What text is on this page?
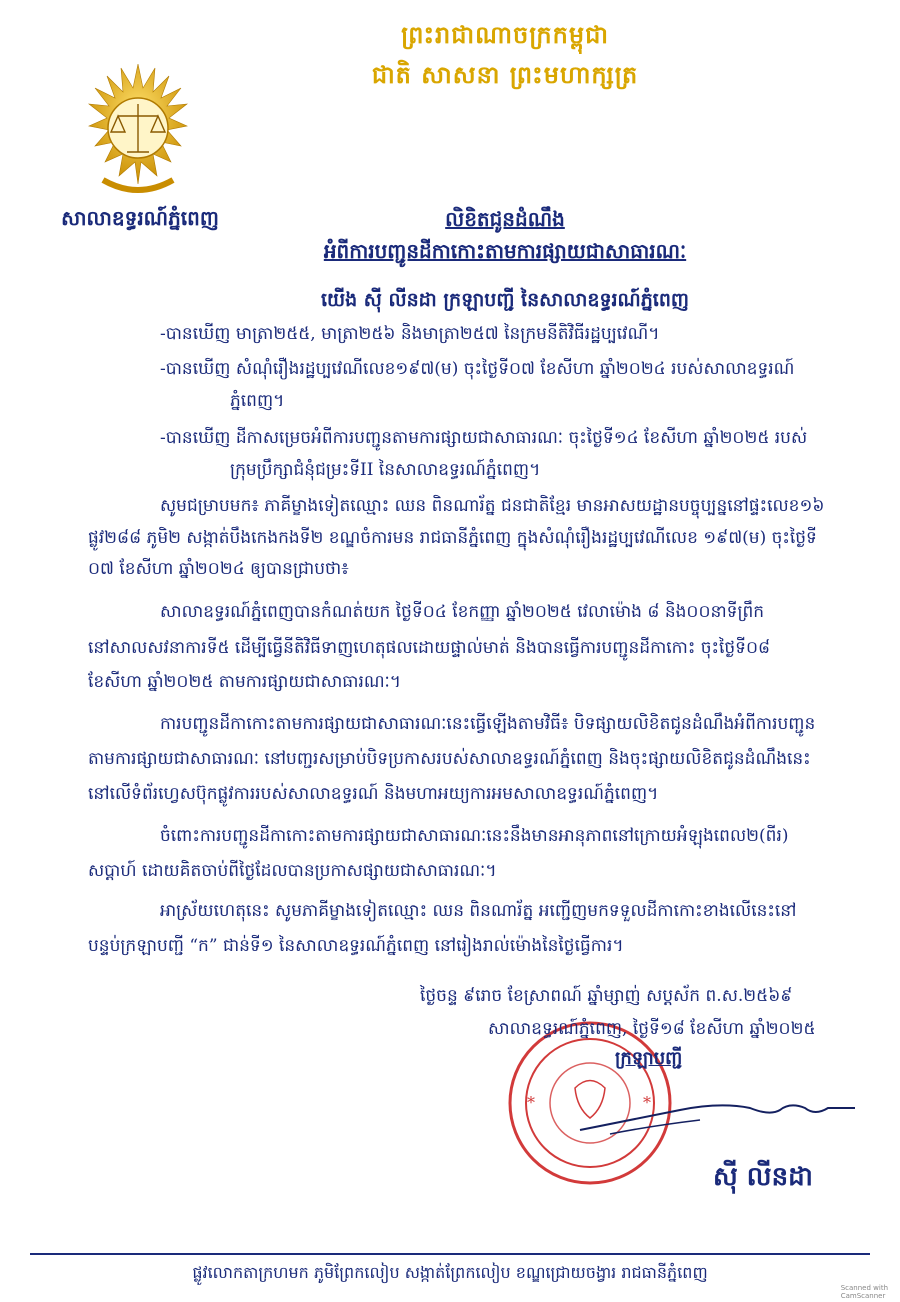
ព្រះរាជាណាចក្រកម្ពុជា
ជាតិ សាសនា ព្រះមហាក្សត្រ
សាលាឧទ្ធរណ៍ភ្នំពេញ	លិខិតជូនដំណឹង
អំពីការបញ្ជូនដីកាកោះតាមការផ្សាយជាសាធារណៈ
យើង ស៊ី លីនដា ក្រឡាបញ្ជី នៃសាលាឧទ្ធរណ៍ភ្នំពេញ
-បានឃើញ មាត្រា២៥៥, មាត្រា២៥៦ និងមាត្រា២៥៧ នៃក្រមនីតិវិធីរដ្ឋប្បវេណី។
-បានឃើញ សំណុំរឿងរដ្ឋប្បវេណីលេខ១៩៧(ម) ចុះថ្ងៃទី០៧ ខែសីហា ឆ្នាំ២០២៤ របស់សាលាឧទ្ធរណ៍
ភ្នំពេញ។
-បានឃើញ ដីកាសម្រេចអំពីការបញ្ជូនតាមការផ្សាយជាសាធារណៈ ចុះថ្ងៃទី១៤ ខែសីហា ឆ្នាំ២០២៥ របស់
ក្រុមប្រឹក្សាជំនុំជម្រះទីII នៃសាលាឧទ្ធរណ៍ភ្នំពេញ។
សូមជម្រាបមក៖ ភាគីម្ខាងទៀតឈ្មោះ ឈន ពិនណារ័ត្ន ជនជាតិខ្មែរ មានអាសយដ្ឋានបច្ចុប្បន្ននៅផ្ទះលេខ១៦
ផ្លូវ២៨៨ ភូមិ២ សង្កាត់បឹងកេងកងទី២ ខណ្ឌចំការមន រាជធានីភ្នំពេញ ក្នុងសំណុំរឿងរដ្ឋប្បវេណីលេខ ១៩៧(ម) ចុះថ្ងៃទី
០៧ ខែសីហា ឆ្នាំ២០២៤ ឲ្យបានជ្រាបថា៖
សាលាឧទ្ធរណ៍ភ្នំពេញបានកំណត់យក ថ្ងៃទី០៤ ខែកញ្ញា ឆ្នាំ២០២៥ វេលាម៉ោង ៨ និង០០នាទីព្រឹក
នៅសាលសវនាការទី៥ ដើម្បីធ្វើនីតិវិធីទាញហេតុផលដោយផ្ទាល់មាត់ និងបានធ្វើការបញ្ជូនដីកាកោះ ចុះថ្ងៃទី០៨
ខែសីហា ឆ្នាំ២០២៥ តាមការផ្សាយជាសាធារណៈ។
ការបញ្ជូនដីកាកោះតាមការផ្សាយជាសាធារណៈនេះធ្វើឡើងតាមវិធី៖ បិទផ្សាយលិខិតជូនដំណឹងអំពីការបញ្ជូន
តាមការផ្សាយជាសាធារណៈ នៅបញ្ជរសម្រាប់បិទប្រកាសរបស់សាលាឧទ្ធរណ៍ភ្នំពេញ និងចុះផ្សាយលិខិតជូនដំណឹងនេះ
នៅលើទំព័រហ្វេសប៊ុកផ្លូវការរបស់សាលាឧទ្ធរណ៍ និងមហាអយ្យការអមសាលាឧទ្ធរណ៍ភ្នំពេញ។
ចំពោះការបញ្ជូនដីកាកោះតាមការផ្សាយជាសាធារណៈនេះនឹងមានអានុភាពនៅក្រោយអំឡុងពេល២(ពីរ)
សប្តាហ៍ ដោយគិតចាប់ពីថ្ងៃដែលបានប្រកាសផ្សាយជាសាធារណៈ។
អាស្រ័យហេតុនេះ សូមភាគីម្ខាងទៀតឈ្មោះ ឈន ពិនណារ័ត្ន អញ្ជើញមកទទួលដីកាកោះខាងលើនេះនៅ
បន្ទប់ក្រឡាបញ្ជី “ក” ជាន់ទី១ នៃសាលាឧទ្ធរណ៍ភ្នំពេញ នៅរៀងរាល់ម៉ោងនៃថ្ងៃធ្វើការ។
*	*
ថ្ងៃចន្ទ ៩រោច ខែស្រាពណ៍ ឆ្នាំម្សាញ់ សប្តស័ក ព.ស.២៥៦៩
សាលាឧទ្ធរណ៍ភ្នំពេញ, ថ្ងៃទី១៨ ខែសីហា ឆ្នាំ២០២៥
ក្រឡាបញ្ជី
ស៊ី លីនដា
ផ្លូវលោកតាក្រហមក ភូមិព្រែកលៀប សង្កាត់ព្រែកលៀប ខណ្ឌជ្រោយចង្វារ រាជធានីភ្នំពេញ
Scanned with
CamScanner
